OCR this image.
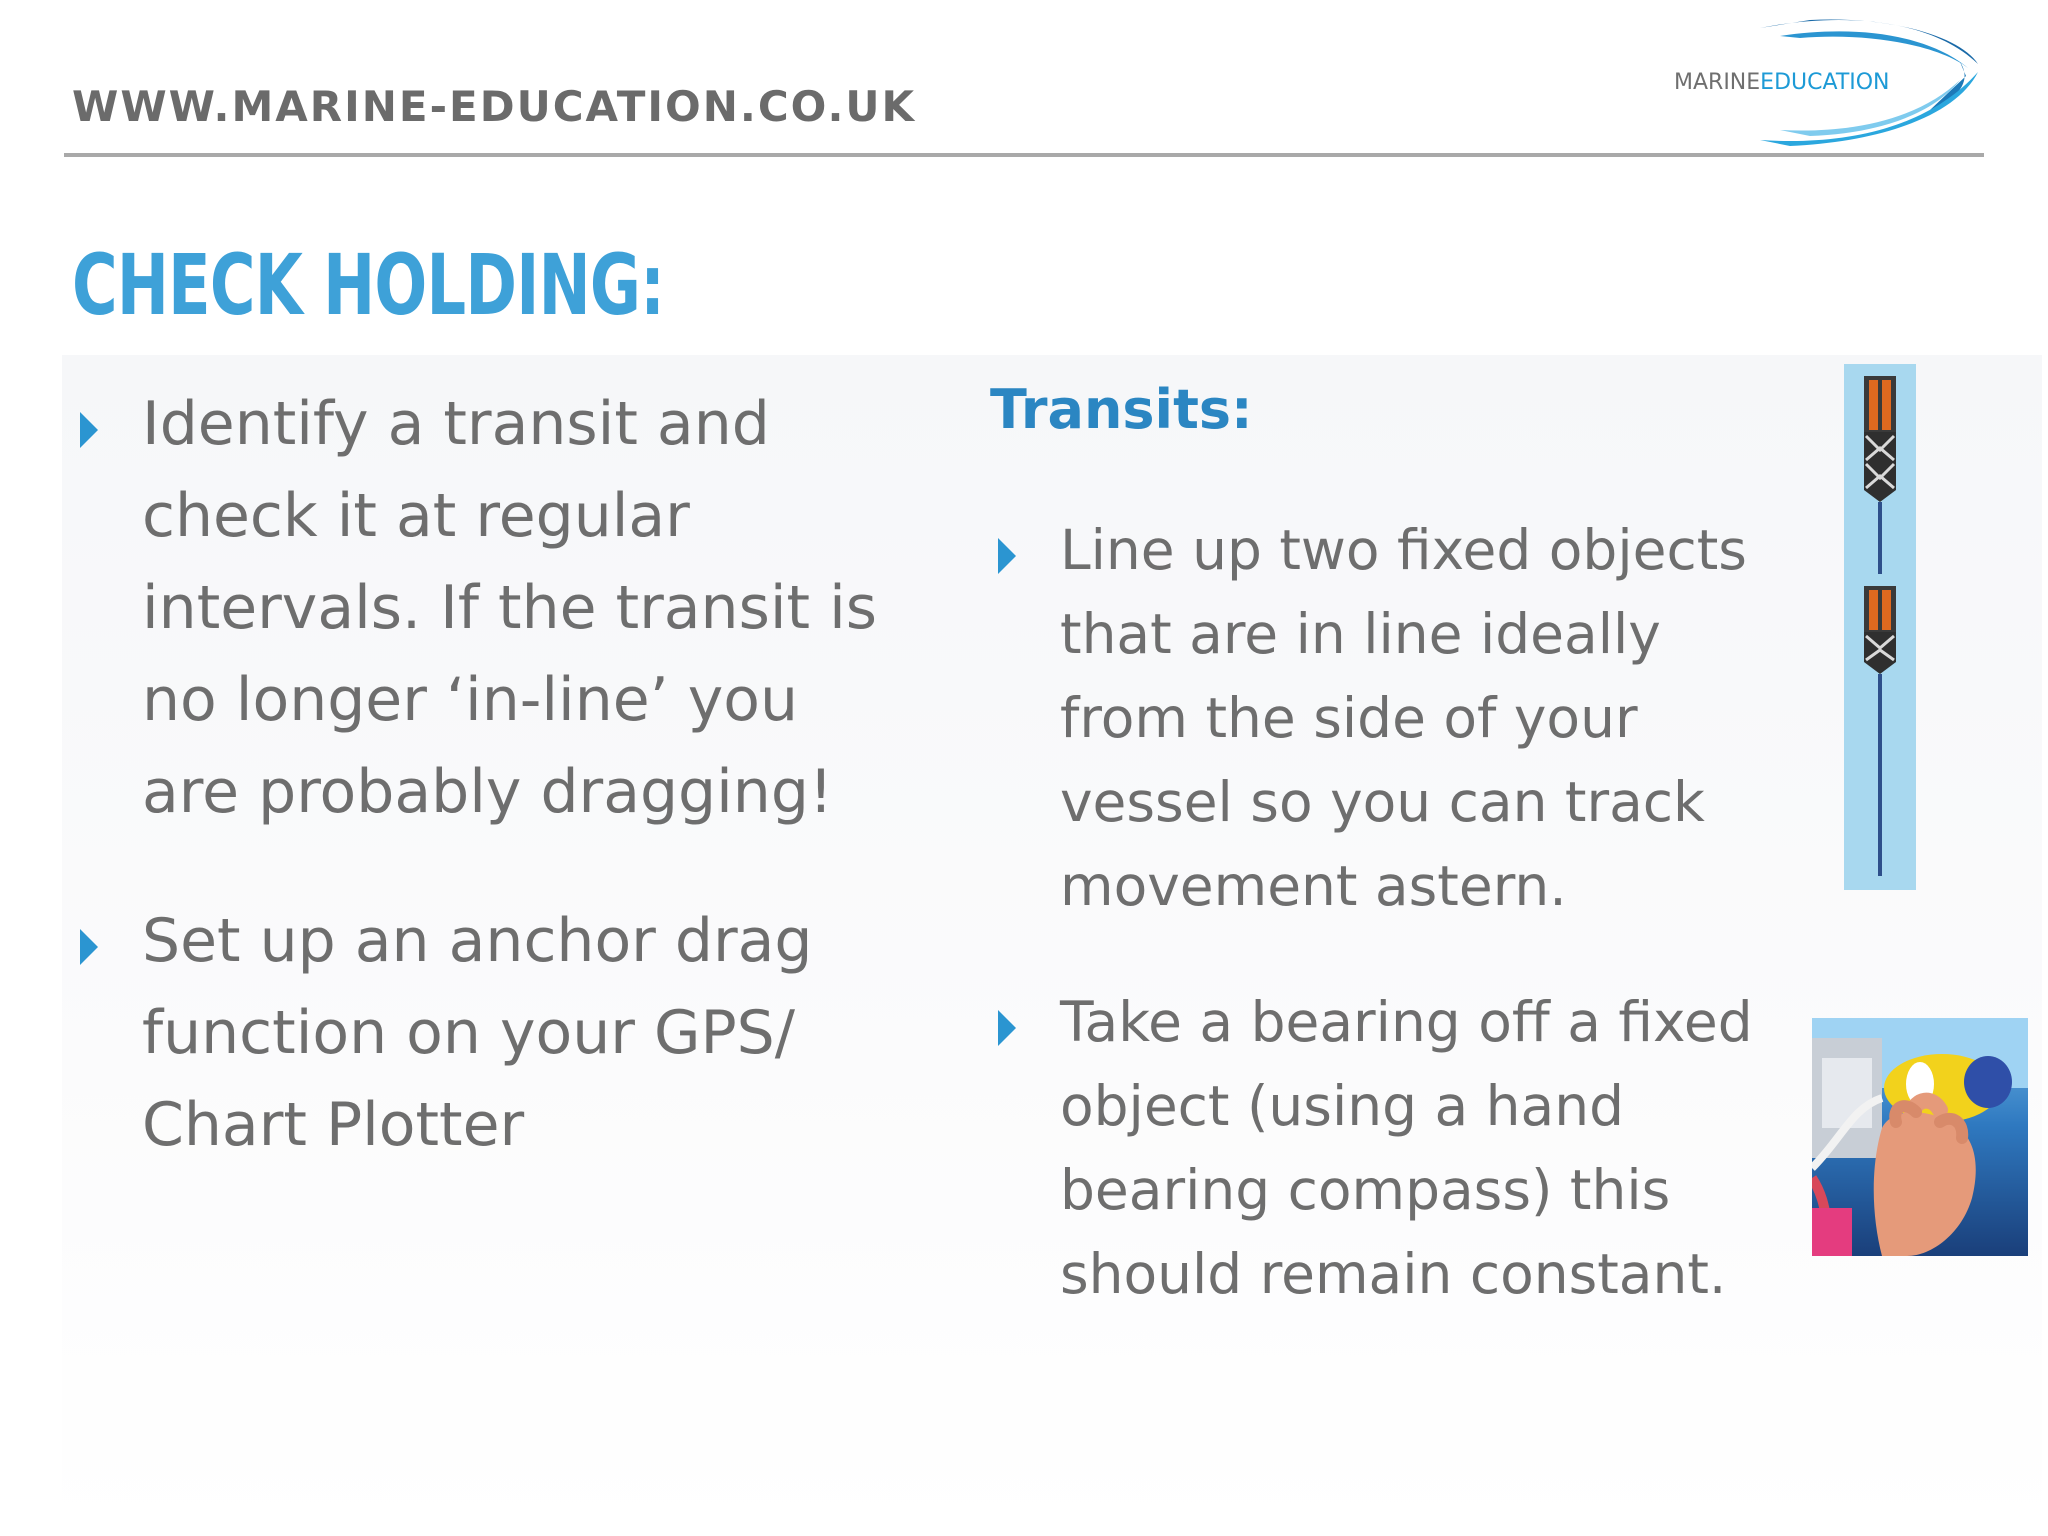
WWW.MARINE-EDUCATION.CO.UK	MARINEEDUCATION
CHECK HOLDING:
Identify a transit and
check it at regular
intervals. If the transit is
no longer ‘in-line’ you
are probably dragging!
Set up an anchor drag
function on your GPS/
Chart Plotter
Transits:
Line up two fixed objects
that are in line ideally
from the side of your
vessel so you can track
movement astern.
Take a bearing off a fixed
object (using a hand
bearing compass) this
should remain constant.
